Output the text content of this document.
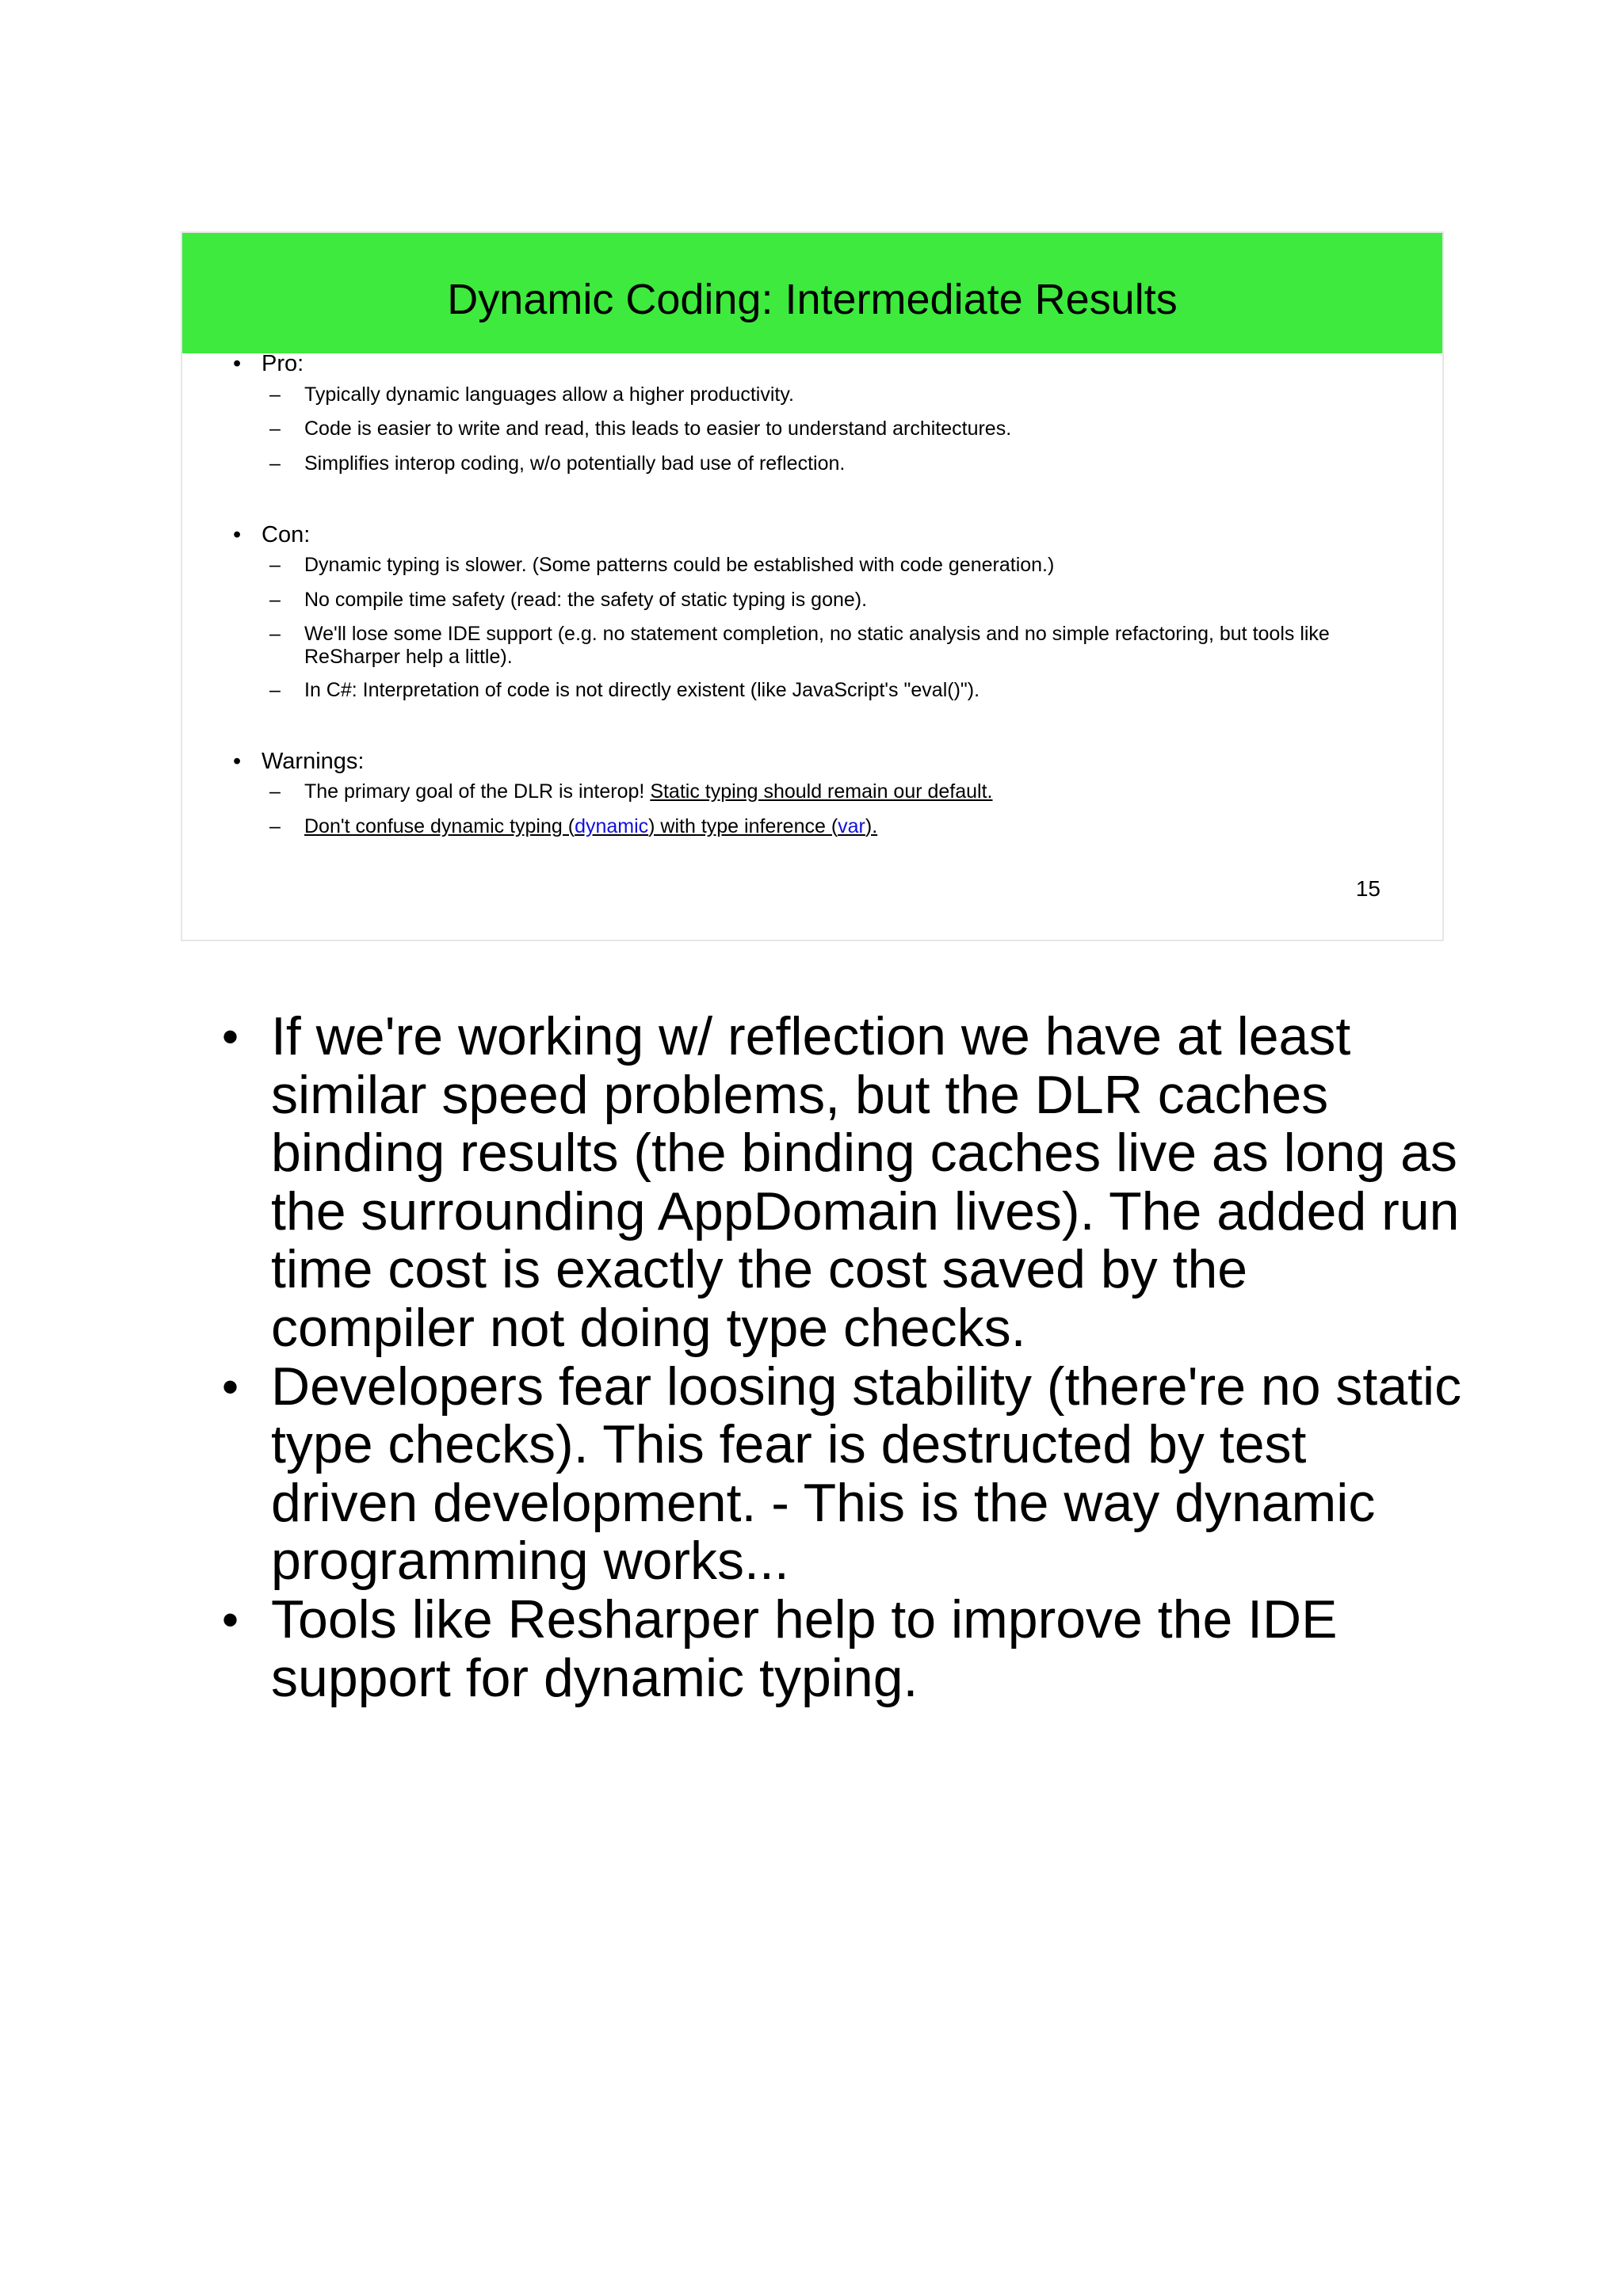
Dynamic Coding: Intermediate Results
• Pro:
– Typically dynamic languages allow a higher productivity.
– Code is easier to write and read, this leads to easier to understand architectures.
– Simplifies interop coding, w/o potentially bad use of reflection.
• Con:
– Dynamic typing is slower. (Some patterns could be established with code generation.)
– No compile time safety (read: the safety of static typing is gone).
– We'll lose some IDE support (e.g. no statement completion, no static analysis and no simple refactoring, but tools like ReSharper help a little).
– In C#: Interpretation of code is not directly existent (like JavaScript's "eval()").
• Warnings:
– The primary goal of the DLR is interop! Static typing should remain our default.
– Don't confuse dynamic typing (dynamic) with type inference (var).
15
• If we're working w/ reflection we have at least
similar speed problems, but the DLR caches
binding results (the binding caches live as long as
the surrounding AppDomain lives). The added run
time cost is exactly the cost saved by the
compiler not doing type checks.
• Developers fear loosing stability (there're no static
type checks). This fear is destructed by test
driven development. - This is the way dynamic
programming works...
• Tools like Resharper help to improve the IDE
support for dynamic typing.
